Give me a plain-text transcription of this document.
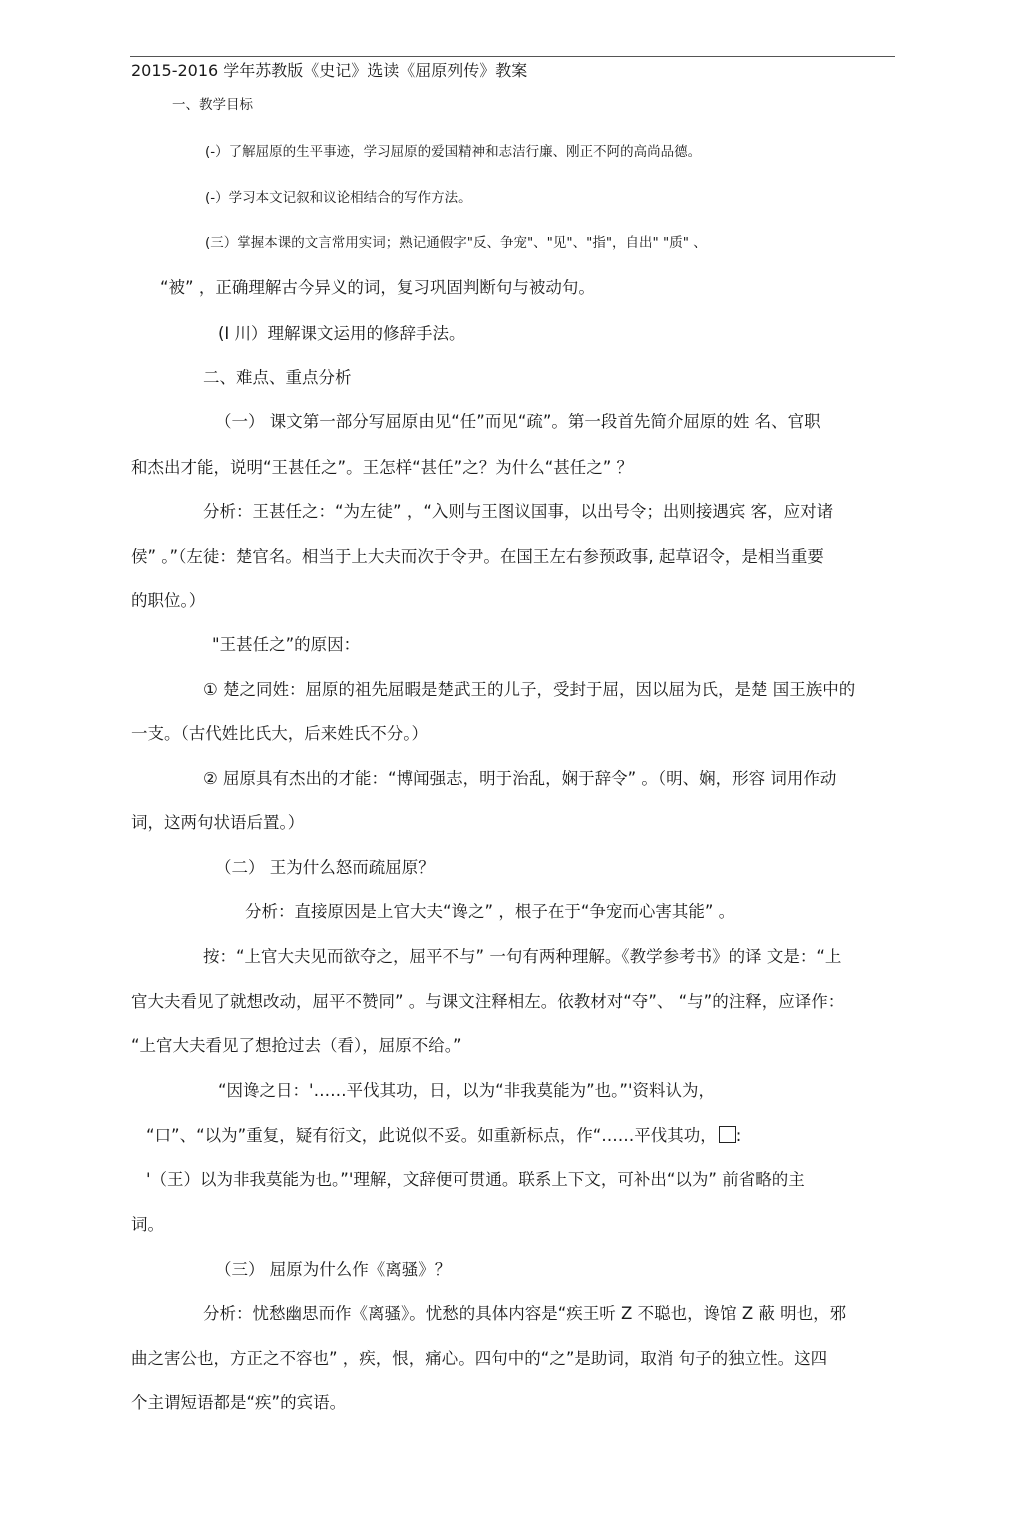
2015-2016 学年苏教版《史记》选读《屈原列传》教案
一、教学目标
(-）了解屈原的生平事迹，学习屈原的爱国精神和志洁行廉、刚正不阿的高尚品德。
(-）学习本文记叙和议论相结合的写作方法。
(三）掌握本课的文言常用实词；熟记通假字"反、争宠"、"见"、"指"，自出" "质" 、
“被” ，正确理解古今异义的词，复习巩固判断句与被动句。
(I 川）理解课文运用的修辞手法。
二、难点、重点分析
（一） 课文第一部分写屈原由见“任”而见“疏”。第一段首先简介屈原的姓 名、官职
和杰出才能，说明“王甚任之”。王怎样“甚任”之？为什么“甚任之” ？
分析：王甚任之：“为左徒” ，“入则与王图议国事，以出号令；出则接遇宾 客，应对诸
侯” 。”（左徒：楚官名。相当于上大夫而次于令尹。在国王左右参预政事, 起草诏令，是相当重要
的职位。）
"王甚任之”的原因：
① 楚之同姓：屈原的祖先屈暇是楚武王的儿子，受封于屈，因以屈为氏，是楚 国王族中的
一支。（古代姓比氏大，后来姓氏不分。）
② 屈原具有杰出的才能：“博闻强志，明于治乱，娴于辞令” 。（明、娴，形容 词用作动
词，这两句状语后置。）
（二） 王为什么怒而疏屈原？
分析：直接原因是上官大夫“谗之” ，根子在于“争宠而心害其能” 。
按：“上官大夫见而欲夺之，屈平不与” 一句有两种理解。《教学参考书》的译 文是：“上
官大夫看见了就想改动，屈平不赞同” 。与课文注释相左。依教材对“夺”、 “与”的注释，应译作：
“上官大夫看见了想抢过去（看），屈原不给。”
“因谗之日：'……平伐其功，日，以为“非我莫能为”也。”'资料认为，
“口”、“以为”重复，疑有衍文，此说似不妥。如重新标点，作“……平伐其功， :
'（王）以为非我莫能为也。”'理解，文辞便可贯通。联系上下文，可补出“以为” 前省略的主
词。
（三） 屈原为什么作《离骚》？
分析：忧愁幽思而作《离骚》。忧愁的具体内容是“疾王听 Z 不聪也，谗馆 Z 蔽 明也，邪
曲之害公也，方正之不容也” ，疾，恨，痛心。四句中的“之”是助词，取消 句子的独立性。这四
个主谓短语都是“疾”的宾语。
